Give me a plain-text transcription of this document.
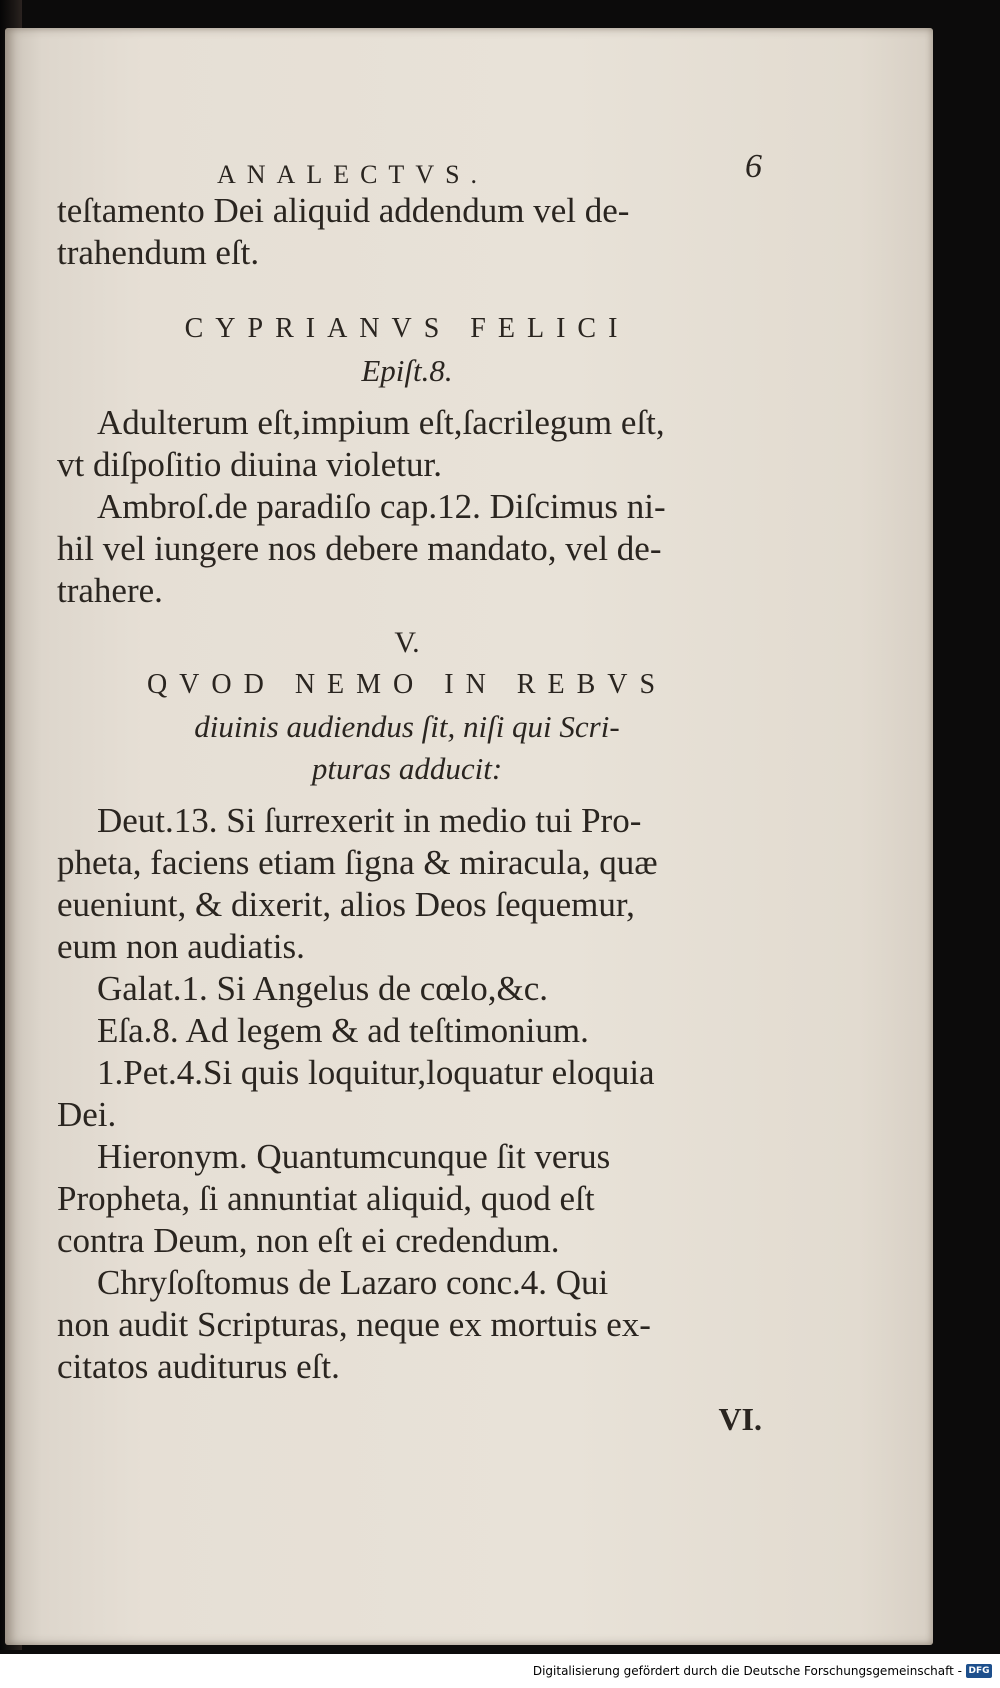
ANALECTVS.	6

teſtamento Dei aliquid addendum vel de-

trahendum eſt.

CYPRIANVS FELICI

Epiſt.8.

Adulterum eſt,impium eſt,ſacrilegum eſt,

vt diſpoſitio diuina violetur.

Ambroſ.de paradiſo cap.12. Diſcimus ni-

hil vel iungere nos debere mandato, vel de-

trahere.

V.

QVOD NEMO IN REBVS

diuinis audiendus ſit, niſi qui Scri-

pturas adducit:

Deut.13. Si ſurrexerit in medio tui Pro-

pheta, faciens etiam ſigna & miracula, quæ

eueniunt, & dixerit, alios Deos ſequemur,

eum non audiatis.

Galat.1. Si Angelus de cœlo,&c.

Eſa.8. Ad legem & ad teſtimonium.

1.Pet.4.Si quis loquitur,loquatur eloquia

Dei.

Hieronym. Quantumcunque ſit verus

Propheta, ſi annuntiat aliquid, quod eſt

contra Deum, non eſt ei credendum.

Chryſoſtomus de Lazaro conc.4. Qui

non audit Scripturas, neque ex mortuis ex-

citatos auditurus eſt.

VI.

Digitalisierung gefördert durch die Deutsche Forschungsgemeinschaft - DFG
